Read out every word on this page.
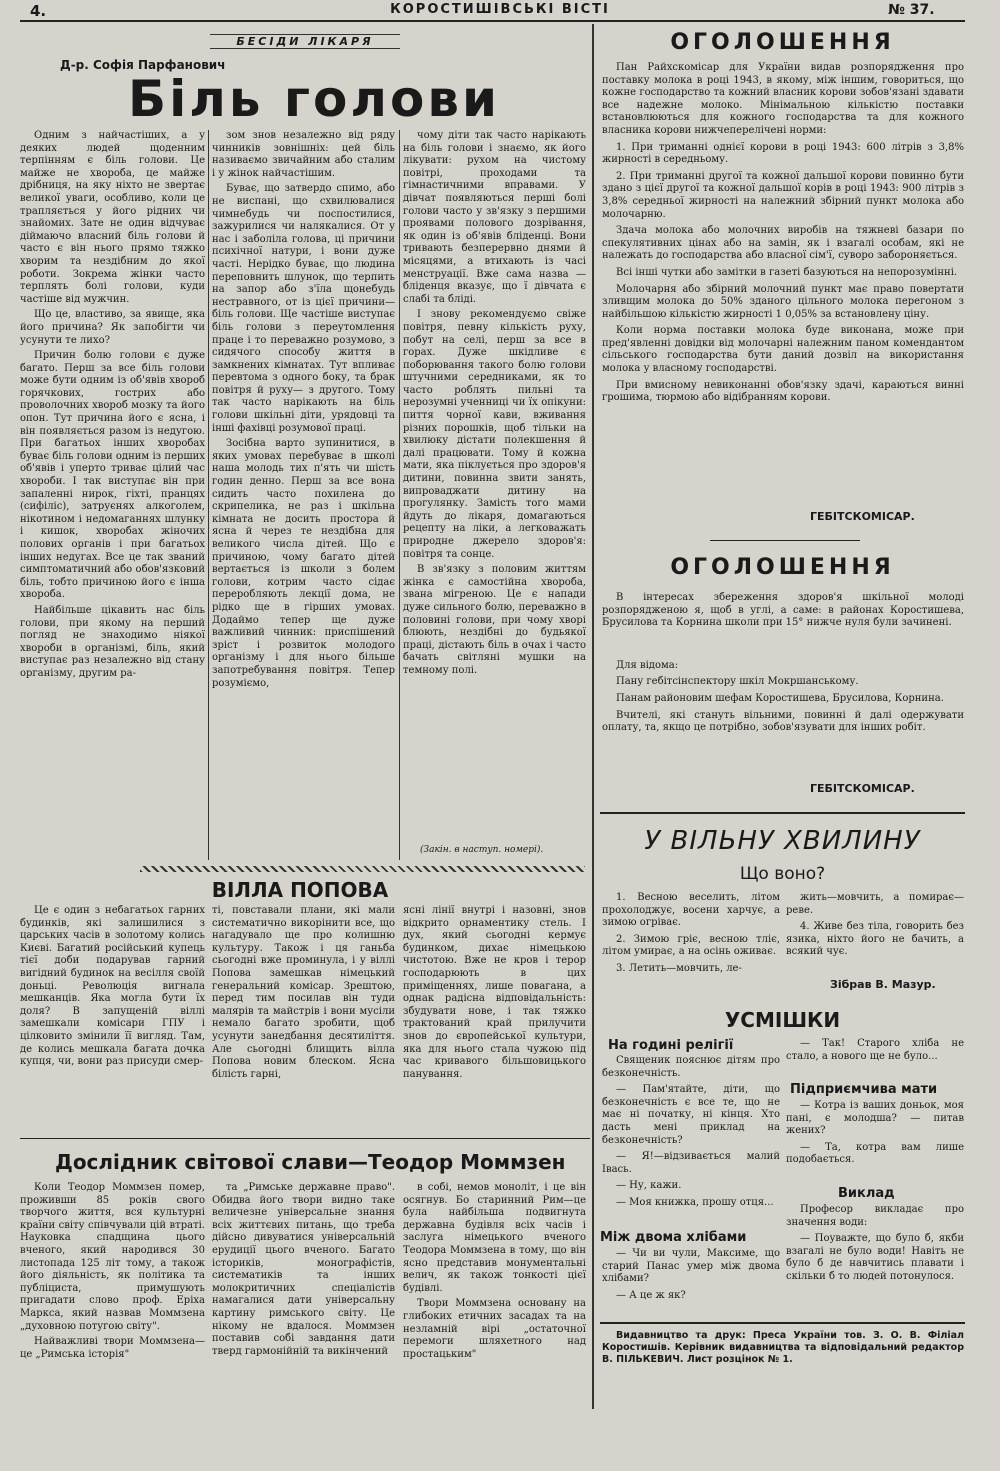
4.	КОРОСТИШІВСЬКІ ВІСТІ	№ 37.
БЕСІДИ ЛІКАРЯ
Д-р. Софія Парфанович
Біль голови

Одним з найчастіших, а у деяких людей щоденним терпінням є біль голови. Це майже не хвороба, це майже дрібниця, на яку ніхто не звертає великої уваги, особливо, коли це трапляється у його рідних чи знайомих. Зате не один відчуває діймаючо власний біль голови й часто є він нього прямо тяжко хворим та нездібним до якої роботи. Зокрема жінки часто терплять болі голови, куди частіше від мужчин.

Що це, властиво, за явище, яка його причина? Як запобігти чи усунути те лихо?

Причин болю голови є дуже багато. Перш за все біль голови може бути одним із об'явів хвороб горячкових, гострих або проволочних хвороб мозку та його опон. Тут причина його є ясна, і він появляється разом із недугою. При багатьох інших хворобах буває біль голови одним із перших об'явів і уперто триває цілий час хвороби. І так виступає він при запаленні нирок, гіхті, пранцях (сифіліс), затруєнях алкоголем, нікотином і недомаганнях шлунку і кишок, хворобах жіночих полових органів і при багатьох інших недугах. Все це так званий симптоматичний або обов'язковий біль, тобто причиною його є інша хвороба.

Найбільше цікавить нас біль голови, при якому на перший погляд не знаходимо ніякої хвороби в організмі, біль, який виступає раз незалежно від стану організму, другим ра-

зом знов незалежно від ряду чинників зовнішніх: цей біль називаємо звичайним або сталим і у жінок найчастішим.

Буває, що затвердо спимо, або не виспані, що схвилювалися чимнебудь чи поспостилися, зажурилися чи налякалися. От у нас і заболіла голова, ці причини психічної натури, і вони дуже часті. Нерідко буває, що людина переповнить шлунок, що терпить на запор або з'їла щонебудь нестравного, от із цієї причини—біль голови. Ще частіше виступає біль голови з переутомлення праце і то переважно розумово, з сидячого способу життя в замкнених кімнатах. Тут впливає перевтома з одного боку, та брак повітря й руху— з другого. Тому так часто нарікають на біль голови шкільні діти, урядовці та інші фахівці розумової праці.

Зосібна варто зупинитися, в яких умовах перебуває в школі наша молодь тих п'ять чи шість годин денно. Перш за все вона сидить часто похилена до скрипелика, не раз і шкільна кімната не досить простора й ясна й через те нездібна для великого числа дітей. Що є причиною, чому багато дітей вертається із школи з болем голови, котрим часто сідає переробляють лекції дома, не рідко ще в гірших умовах. Додаймо тепер ще дуже важливий чинник: приспішений зріст і розвиток молодого організму і для нього більше запотребування повітря. Тепер розуміємо,

чому діти так часто нарікають на біль голови і знаємо, як його лікувати: рухом на чистому повітрі, проходами та гімнастичними вправами. У дівчат появляються перші болі голови часто у зв'язку з першими проявами полового дозрівання, як один із об'явів бліденці. Вони тривають безперервно днями й місяцями, а втихають із часі менструації. Вже сама назва — бліденця вказує, що ї дівчата є слабі та бліді.

І знову рекомендуємо свіже повітря, певну кількість руху, побут на селі, перш за все в горах. Дуже шкідливе є поборювання такого болю голови штучними середниками, як то часто роблять пильні та нерозумні ученниці чи їх опікуни: пиття чорної кави, вживання різних порошків, щоб тільки на хвилюку дістати полекшення й далі працювати. Тому й кожна мати, яка піклується про здоров'я дитини, повинна звити занять, випроваджати дитину на прогулянку. Замість того мами йдуть до лікаря, домагаються рецепту на ліки, а легковажать природне джерело здоров'я: повітря та сонце.

В зв'язку з половим життям жінка є самостійна хвороба, звана мігреною. Це є напади дуже сильного болю, переважно в половині голови, при чому хворі блюють, нездібні до будьякої праці, дістають біль в очах і часто бачать світляні мушки на темному полі.

(Закін. в наступ. номері).
ВІЛЛА ПОПОВА
Це є один з небагатьох гарних будинків, які залишилися з царських часів в золотому колись Києві. Багатий російський купець тієї доби подарував гарний вигідний будинок на весілля своїй доньці. Революція вигнала мешканців. Яка могла бути їх доля? В запущеній віллі замешкали комісари ГПУ і цілковито змінили її вигляд. Там, де колись мешкала багата дочка купця, чи, вони раз присуди смер-
ті, повставали плани, які мали систематично викорінити все, що нагадувало ще про колишню культуру. Також і ця ганьба сьогодні вже проминула, і у віллі Попова замешкав німецький генеральний комісар. Зрештою, перед тим посилав він туди малярів та майстрів і вони мусіли немало багато зробити, щоб усунути занедбання десятиліття. Але сьогодні блищить вілла Попова новим блеском. Ясна білість гарні,
ясні лінії внутрі і назовні, знов відкрито орнаментику стель. І дух, який сьогодні кермує будинком, дихає німецькою чистотою. Вже не кров і терор господарюють в цих приміщеннях, лише повагана, а однак радісна відповідальність: збудувати нове, і так тяжко трактований край прилучити знов до європейської культури, яка для нього стала чужою під час кривавого більшовицького панування.
Дослідник світової слави—Теодор Моммзен

Коли Теодор Моммзен помер, проживши 85 років свого творчого життя, вся культурні країни світу співчували цій втраті. Науковка спадщина цього вченого, який народився 30 листопада 125 літ тому, а також його діяльність, як політика та публіциста, примушують пригадати слово проф. Еріха Маркса, який назвав Моммзена „духовною потугою світу".

Найважливі твори Моммзена—це „Римська історія"

та „Римське державне право". Обидва його твори видно таке величезне універсальне знання всіх життєвих питань, що треба дійсно дивуватися універсальній ерудиції цього вченого. Багато істориків, монографістів, систематиків та інших молокритичних спеціалістів намагалися дати універсальну картину римського світу. Це нікому не вдалося. Моммзен поставив собі завдання дати тверд гармонійній та викінчений

в собі, немов моноліт, і це він осягнув. Бо старинний Рим—це була найбільша подвигнута державна будівля всіх часів і заслуга німецького вченого Теодора Моммзена в тому, що він ясно представив монументальні велич, як також тонкості цієї будівлі.

Твори Моммзена основану на глибоких етичних засадах та на незламній вірі „остаточної перемоги шляхетного над простацьким"

ОГОЛОШЕННЯ

Пан Райхскомісар для України видав розпорядження про поставку молока в році 1943, в якому, між іншим, говориться, що кожне господарство та кожний власник корови зобов'язані здавати все надежне молоко. Мінімальною кількістю поставки встановлюються для кожного господарства та для кожного власника корови нижчеперелічені норми:

1. При триманні однієї корови в році 1943: 600 літрів з 3,8% жирності в середньому.

2. При триманні другої та кожної дальшої корови повинно бути здано з цієї другої та кожної дальшої корів в році 1943: 900 літрів з 3,8% середньої жирності на належний збірний пункт молока або молочарню.

Здача молока або молочних виробів на тяжневі базари по спекулятивних цінах або на замін, як і взагалі особам, які не належать до господарства або власної сім'ї, суворо забороняється.

Всі інші чутки або замітки в газеті базуються на непорозумінні.

Молочарня або збірний молочний пункт має право повертати зливщим молока до 50% зданого цільного молока перегоном з найбільшою кількістю жирності 1 0,05% за встановлену ціну.

Коли норма поставки молока буде виконана, може при пред'явленні довідки від молочарні належним паном комендантом сільського господарства бути даний дозвіл на використання молока у власному господарстві.

При вмисному невиконанні обов'язку здачі, караються винні грошима, тюрмою або відібранням корови.

ГЕБІТСКОМІСАР.
ОГОЛОШЕННЯ

В інтересах збереження здоров'я шкільної молоді розпорядженою я, щоб в углі, а саме: в районах Коростишева, Брусилова та Корнина школи при 15° нижче нуля були зачинені.

Для відома:

Пану гебітсінспектору шкіл Мокршанському.

Панам районовим шефам Коростишева, Брусилова, Корнина.

Вчителі, які стануть вільними, повинні й далі одержувати оплату, та, якщо це потрібно, зобов'язувати для інших робіт.

ГЕБІТСКОМІСАР.
У ВІЛЬНУ ХВИЛИНУ
Що воно?

1. Весною веселить, літом прохолоджує, восени харчує, а зимою огріває.

2. Зимою гріє, весною тліє, літом умирає, а на осінь оживає.

3. Летить—мовчить, ле-

жить—мовчить, а помирає—реве.

4. Живе без тіла, говорить без язика, ніхто його не бачить, а всякий чує.

Зібрав В. Мазур.
УСМІШКИ
На годині релігії

Священик пояснює дітям про безконечність.

— Пам'ятайте, діти, що безконечність є все те, що не має ні початку, ні кінця. Хто дасть мені приклад на безконечність?

— Я!—відзивається малий Івась.

— Ну, кажи.

— Моя книжка, прошу отця...

Між двома хлібами

— Чи ви чули, Максиме, що старий Панас умер між двома хлібами?

— А це ж як?

— Так! Старого хліба не стало, а нового ще не було...

Підприємчива мати

— Котра із ваших доньок, моя пані, є молодша? — питав жених?

— Та, котра вам лише подобається.

Виклад

Професор викладає про значення води:

— Поуважте, що було б, якби взагалі не було води! Навіть не було б де навчитись плавати і скільки б то людей потонулося.

Видавництво та друк: Преса України тов. З. О. В. Філіал Коростишів. Керівник видавництва та відповідальний редактор В. ПІЛЬКЕВИЧ. Лист розцінок № 1.
